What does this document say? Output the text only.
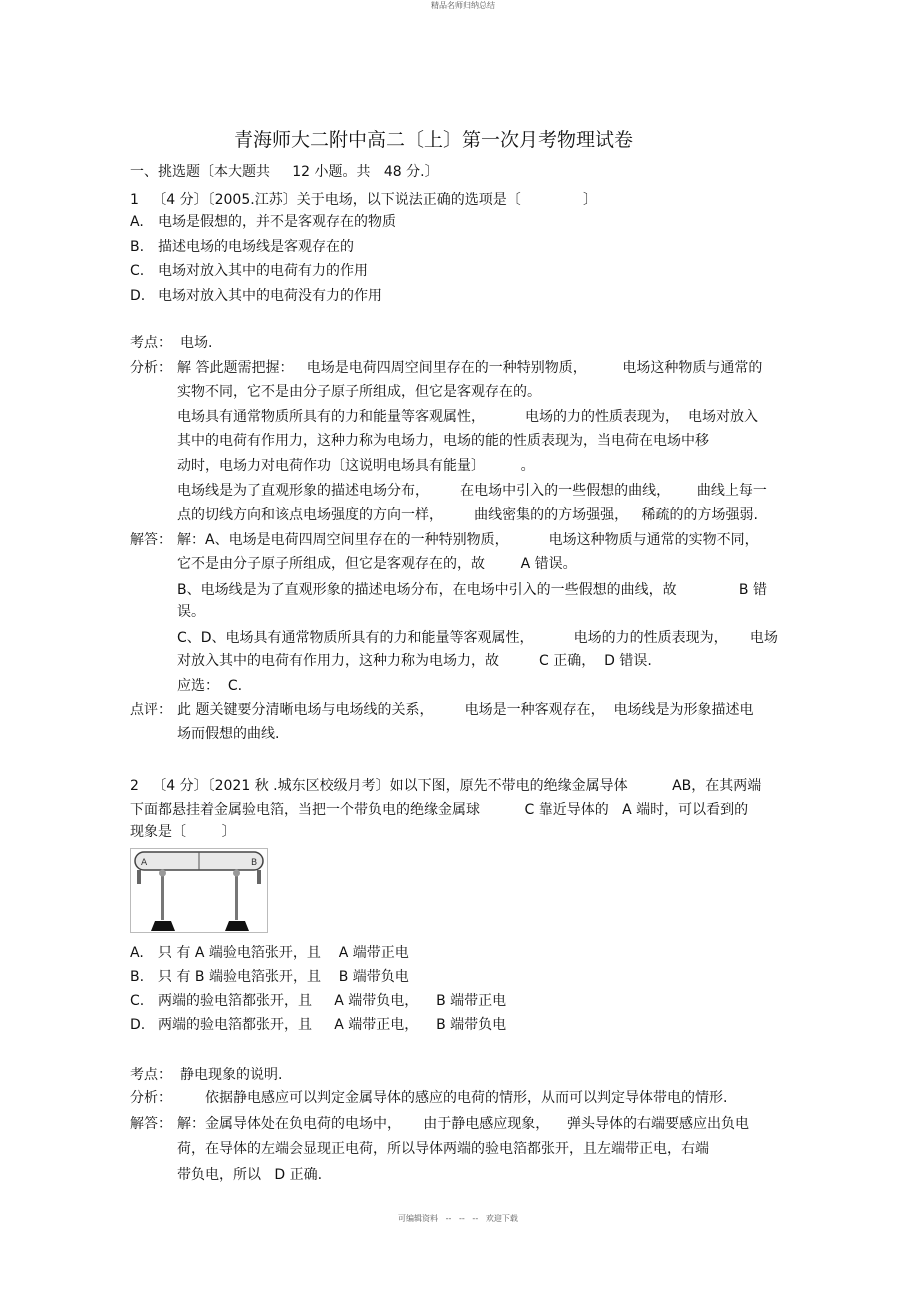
精品名师归纳总结
青海师大二附中高二〔上〕第一次月考物理试卷
一、挑选题〔本大题共     12 小题。共   48 分.〕
1   〔4 分〕〔2005.江苏〕关于电场，以下说法正确的选项是〔              〕
A. 电场是假想的，并不是客观存在的物质
B. 描述电场的电场线是客观存在的
C. 电场对放入其中的电荷有力的作用
D. 电场对放入其中的电荷没有力的作用
考点： 电场.
分析： 解 答此题需把握：   电场是电荷四周空间里存在的一种特别物质，        电场这种物质与通常的
实物不同，它不是由分子原子所组成，但它是客观存在的。
电场具有通常物质所具有的力和能量等客观属性，         电场的力的性质表现为，  电场对放入
其中的电荷有作用力，这种力称为电场力，电场的能的性质表现为，当电荷在电场中移
动时，电场力对电荷作功〔这说明电场具有能量〕        。
电场线是为了直观形象的描述电场分布，       在电场中引入的一些假想的曲线，      曲线上每一
点的切线方向和该点电场强度的方向一样，       曲线密集的的方场强强，   稀疏的的方场强弱.
解答： 解：A、电场是电荷四周空间里存在的一种特别物质，         电场这种物质与通常的实物不同，
它不是由分子原子所组成，但它是客观存在的，故        A 错误。
B、电场线是为了直观形象的描述电场分布，在电场中引入的一些假想的曲线，故              B 错
误。
C、D、电场具有通常物质所具有的力和能量等客观属性，         电场的力的性质表现为，     电场
对放入其中的电荷有作用力，这种力称为电场力，故         C 正确，  D 错误.
应选：  C.
点评： 此 题关键要分清晰电场与电场线的关系，       电场是一种客观存在，  电场线是为形象描述电
场而假想的曲线.
2   〔4 分〕〔2021 秋 .城东区校级月考〕如以下图，原先不带电的绝缘金属导体          AB，在其两端
下面都悬挂着金属验电箔，当把一个带负电的绝缘金属球          C 靠近导体的   A 端时，可以看到的
现象是〔        〕
A	B
A. 只 有 A 端验电箔张开，且    A 端带正电
B. 只 有 B 端验电箔张开，且    B 端带负电
C. 两端的验电箔都张开，且     A 端带负电，    B 端带正电
D. 两端的验电箔都张开，且     A 端带正电，    B 端带负电
考点： 静电现象的说明.
分析： 依据静电感应可以判定金属导体的感应的电荷的情形，从而可以判定导体带电的情形.
解答： 解：金属导体处在负电荷的电场中，     由于静电感应现象，    弹头导体的右端要感应出负电
荷，在导体的左端会显现正电荷，所以导体两端的验电箔都张开，且左端带正电，右端
带负电，所以   D 正确.
可编辑资料   --   --   --   欢迎下载
